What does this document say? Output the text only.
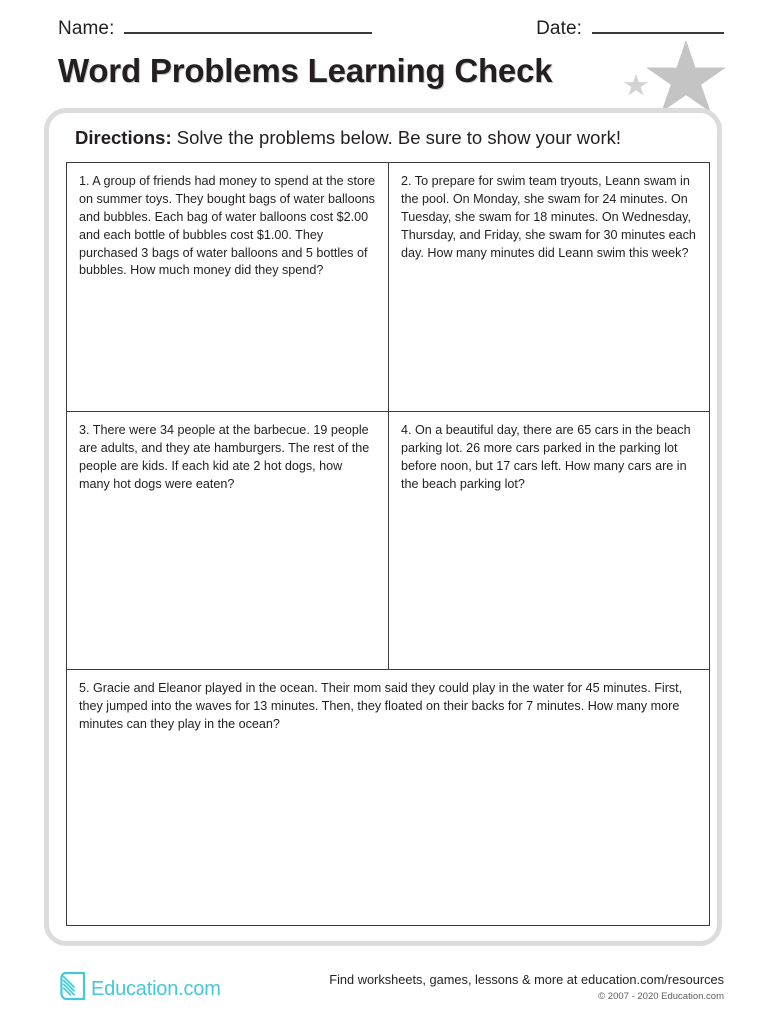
Name:	Date:
Word Problems Learning Check
Directions: Solve the problems below. Be sure to show your work!

1. A group of friends had money to spend at the store on summer toys. They bought bags of water balloons and bubbles. Each bag of water balloons cost $2.00 and each bottle of bubbles cost $1.00. They purchased 3 bags of water balloons and 5 bottles of bubbles. How much money did they spend?

2. To prepare for swim team tryouts, Leann swam in the pool. On Monday, she swam for 24 minutes. On Tuesday, she swam for 18 minutes. On Wednesday, Thursday, and Friday, she swam for 30 minutes each day. How many minutes did Leann swim this week?

3. There were 34 people at the barbecue. 19 people are adults, and they ate hamburgers. The rest of the people are kids. If each kid ate 2 hot dogs, how many hot dogs were eaten?

4. On a beautiful day, there are 65 cars in the beach parking lot. 26 more cars parked in the parking lot before noon, but 17 cars left. How many cars are in the beach parking lot?

5. Gracie and Eleanor played in the ocean. Their mom said they could play in the water for 45 minutes. First, they jumped into the waves for 13 minutes. Then, they floated on their backs for 7 minutes. How many more minutes can they play in the ocean?

Education.com	Find worksheets, games, lessons & more at education.com/resources
© 2007 - 2020 Education.com
